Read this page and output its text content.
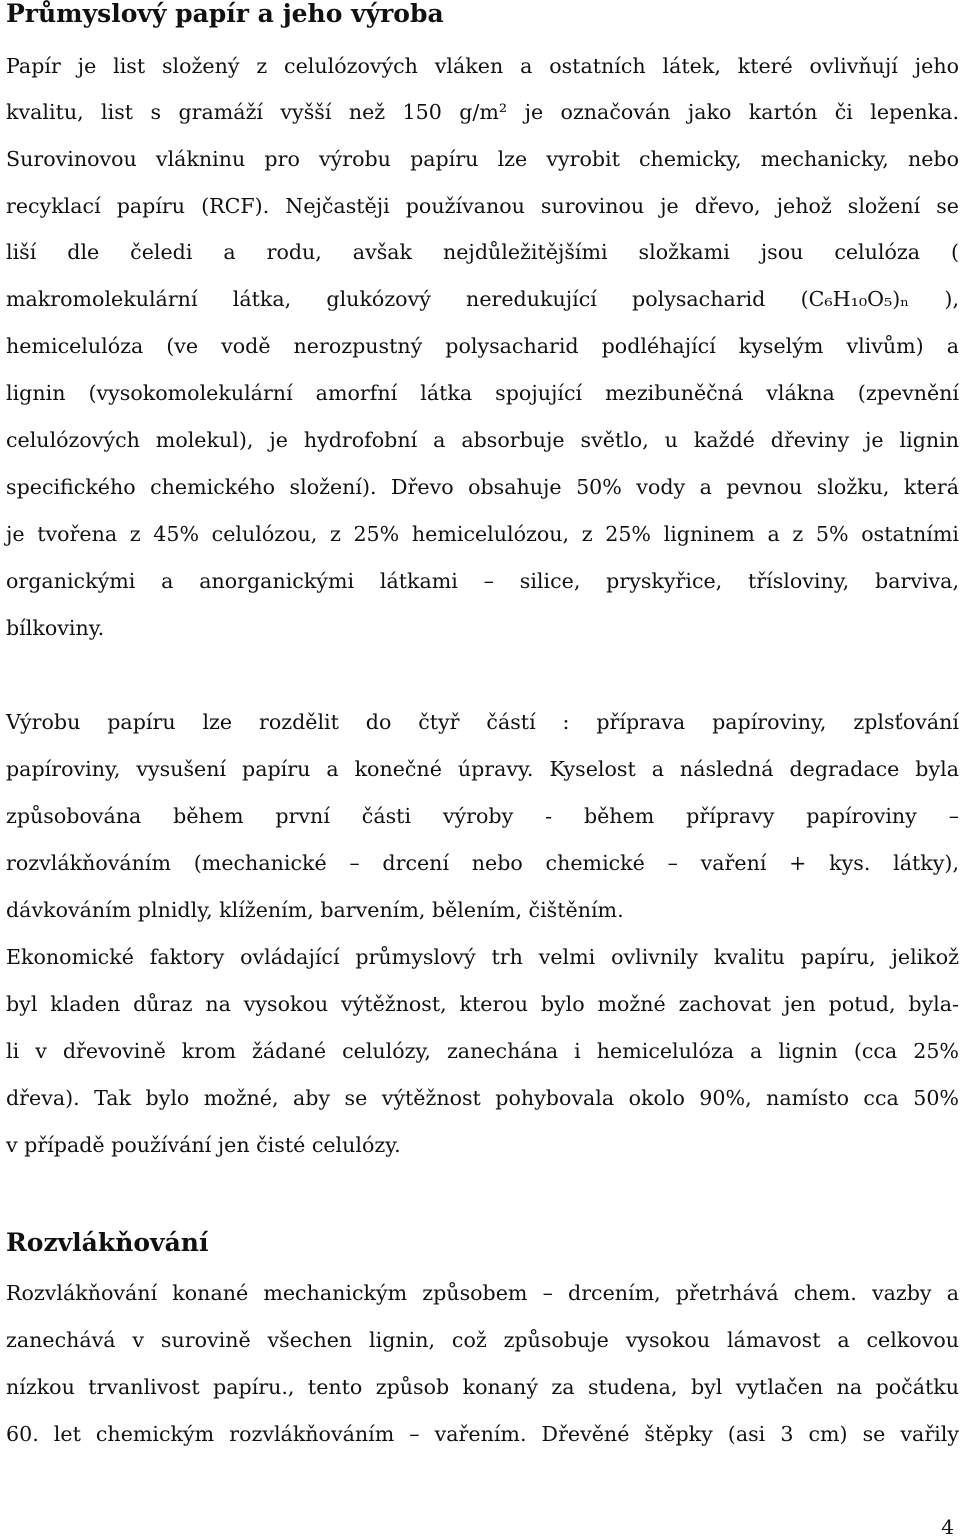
Průmyslový papír a jeho výroba

Papír je list složený z celulózových vláken a ostatních látek, které ovlivňují jeho

kvalitu, list s gramáží vyšší než 150 g/m² je označován jako kartón či lepenka.

Surovinovou vlákninu pro výrobu papíru lze vyrobit chemicky, mechanicky, nebo

recyklací papíru (RCF). Nejčastěji používanou surovinou je dřevo, jehož složení se

liší dle čeledi a rodu, avšak nejdůležitějšími složkami jsou celulóza (

makromolekulární látka, glukózový neredukující polysacharid (C₆H₁₀O₅)ₙ ),

hemicelulóza (ve vodě nerozpustný polysacharid podléhající kyselým vlivům) a

lignin (vysokomolekulární amorfní látka spojující mezibuněčná vlákna (zpevnění

celulózových molekul), je hydrofobní a absorbuje světlo, u každé dřeviny je lignin

specifického chemického složení). Dřevo obsahuje 50% vody a pevnou složku, která

je tvořena z 45% celulózou, z 25% hemicelulózou, z 25% ligninem a z 5% ostatními

organickými a anorganickými látkami – silice, pryskyřice, třísloviny, barviva,

bílkoviny.

Výrobu papíru lze rozdělit do čtyř částí : příprava papíroviny, zplsťování

papíroviny, vysušení papíru a konečné úpravy. Kyselost a následná degradace byla

způsobována během první části výroby - během přípravy papíroviny –

rozvlákňováním (mechanické – drcení nebo chemické – vaření + kys. látky),

dávkováním plnidly, klížením, barvením, bělením, čištěním.

Ekonomické faktory ovládající průmyslový trh velmi ovlivnily kvalitu papíru, jelikož

byl kladen důraz na vysokou výtěžnost, kterou bylo možné zachovat jen potud, byla-

li v dřevovině krom žádané celulózy, zanechána i hemicelulóza a lignin (cca 25%

dřeva). Tak bylo možné, aby se výtěžnost pohybovala okolo 90%, namísto cca 50%

v případě používání jen čisté celulózy.

Rozvlákňování

Rozvlákňování konané mechanickým způsobem – drcením, přetrhává chem. vazby a

zanechává v surovině všechen lignin, což způsobuje vysokou lámavost a celkovou

nízkou trvanlivost papíru., tento způsob konaný za studena, byl vytlačen na počátku

60. let chemickým rozvlákňováním – vařením. Dřevěné štěpky (asi 3 cm) se vařily

4
